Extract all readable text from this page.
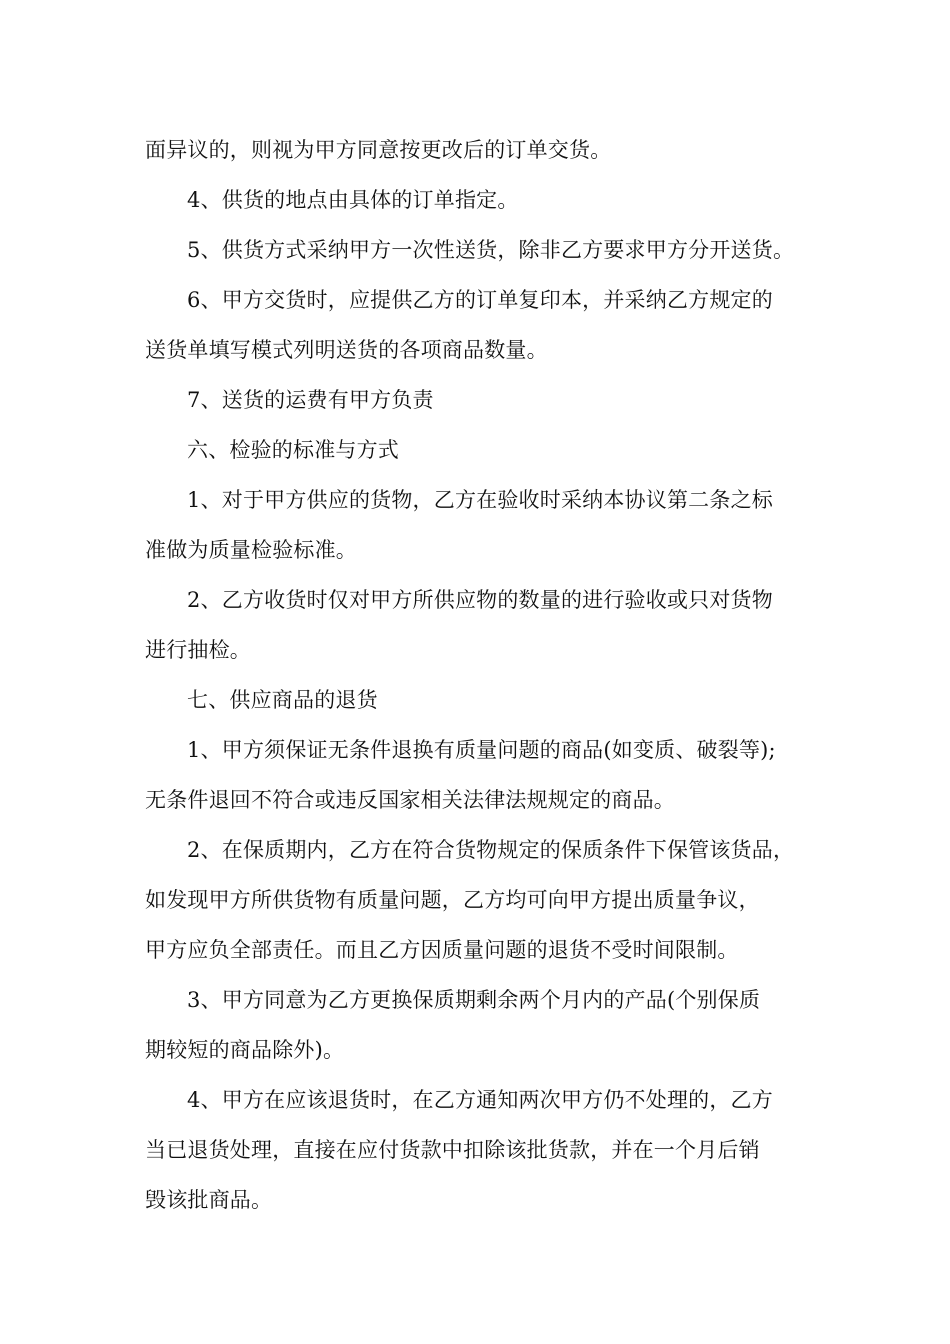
面异议的，则视为甲方同意按更改后的订单交货。
4、供货的地点由具体的订单指定。
5、供货方式采纳甲方一次性送货，除非乙方要求甲方分开送货。
6、甲方交货时，应提供乙方的订单复印本，并采纳乙方规定的
送货单填写模式列明送货的各项商品数量。
7、送货的运费有甲方负责
六、检验的标准与方式
1、对于甲方供应的货物，乙方在验收时采纳本协议第二条之标
准做为质量检验标准。
2、乙方收货时仅对甲方所供应物的数量的进行验收或只对货物
进行抽检。
七、供应商品的退货
1、甲方须保证无条件退换有质量问题的商品(如变质、破裂等);
无条件退回不符合或违反国家相关法律法规规定的商品。
2、在保质期内，乙方在符合货物规定的保质条件下保管该货品，
如发现甲方所供货物有质量问题，乙方均可向甲方提出质量争议，
甲方应负全部责任。而且乙方因质量问题的退货不受时间限制。
3、甲方同意为乙方更换保质期剩余两个月内的产品(个别保质
期较短的商品除外)。
4、甲方在应该退货时，在乙方通知两次甲方仍不处理的，乙方
当已退货处理，直接在应付货款中扣除该批货款，并在一个月后销
毁该批商品。
